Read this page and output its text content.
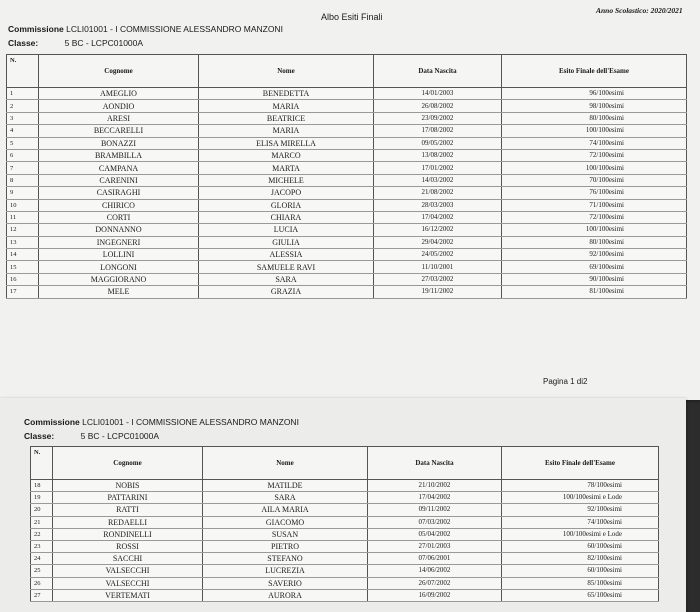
Albo Esiti Finali
Anno Scolastico: 2020/2021
Commissione LCLI01001 - I COMMISSIONE ALESSANDRO MANZONI
Classe:	5 BC - LCPC01000A
N.	Cognome	Nome	Data Nascita	Esito Finale dell'Esame
1	AMEGLIO	BENEDETTA	14/01/2003	96/100esimi
2	AONDIO	MARIA	26/08/2002	98/100esimi
3	ARESI	BEATRICE	23/09/2002	80/100esimi
4	BECCARELLI	MARIA	17/08/2002	100/100esimi
5	BONAZZI	ELISA MIRELLA	09/05/2002	74/100esimi
6	BRAMBILLA	MARCO	13/08/2002	72/100esimi
7	CAMPANA	MARTA	17/01/2002	100/100esimi
8	CARENINI	MICHELE	14/03/2002	70/100esimi
9	CASIRAGHI	JACOPO	21/08/2002	76/100esimi
10	CHIRICO	GLORIA	28/03/2003	71/100esimi
11	CORTI	CHIARA	17/04/2002	72/100esimi
12	DONNANNO	LUCIA	16/12/2002	100/100esimi
13	INGEGNERI	GIULIA	29/04/2002	80/100esimi
14	LOLLINI	ALESSIA	24/05/2002	92/100esimi
15	LONGONI	SAMUELE RAVI	11/10/2001	69/100esimi
16	MAGGIORANO	SARA	27/03/2002	90/100esimi
17	MELE	GRAZIA	19/11/2002	81/100esimi
Pagina 1 di2
Commissione LCLI01001 - I COMMISSIONE ALESSANDRO MANZONI
Classe:	5 BC - LCPC01000A
N.	Cognome	Nome	Data Nascita	Esito Finale dell'Esame
18	NOBIS	MATILDE	21/10/2002	78/100esimi
19	PATTARINI	SARA	17/04/2002	100/100esimi e Lode
20	RATTI	AILA MARIA	09/11/2002	92/100esimi
21	REDAELLI	GIACOMO	07/03/2002	74/100esimi
22	RONDINELLI	SUSAN	05/04/2002	100/100esimi e Lode
23	ROSSI	PIETRO	27/01/2003	60/100esimi
24	SACCHI	STEFANO	07/06/2001	82/100esimi
25	VALSECCHI	LUCREZIA	14/06/2002	60/100esimi
26	VALSECCHI	SAVERIO	26/07/2002	85/100esimi
27	VERTEMATI	AURORA	16/09/2002	65/100esimi
